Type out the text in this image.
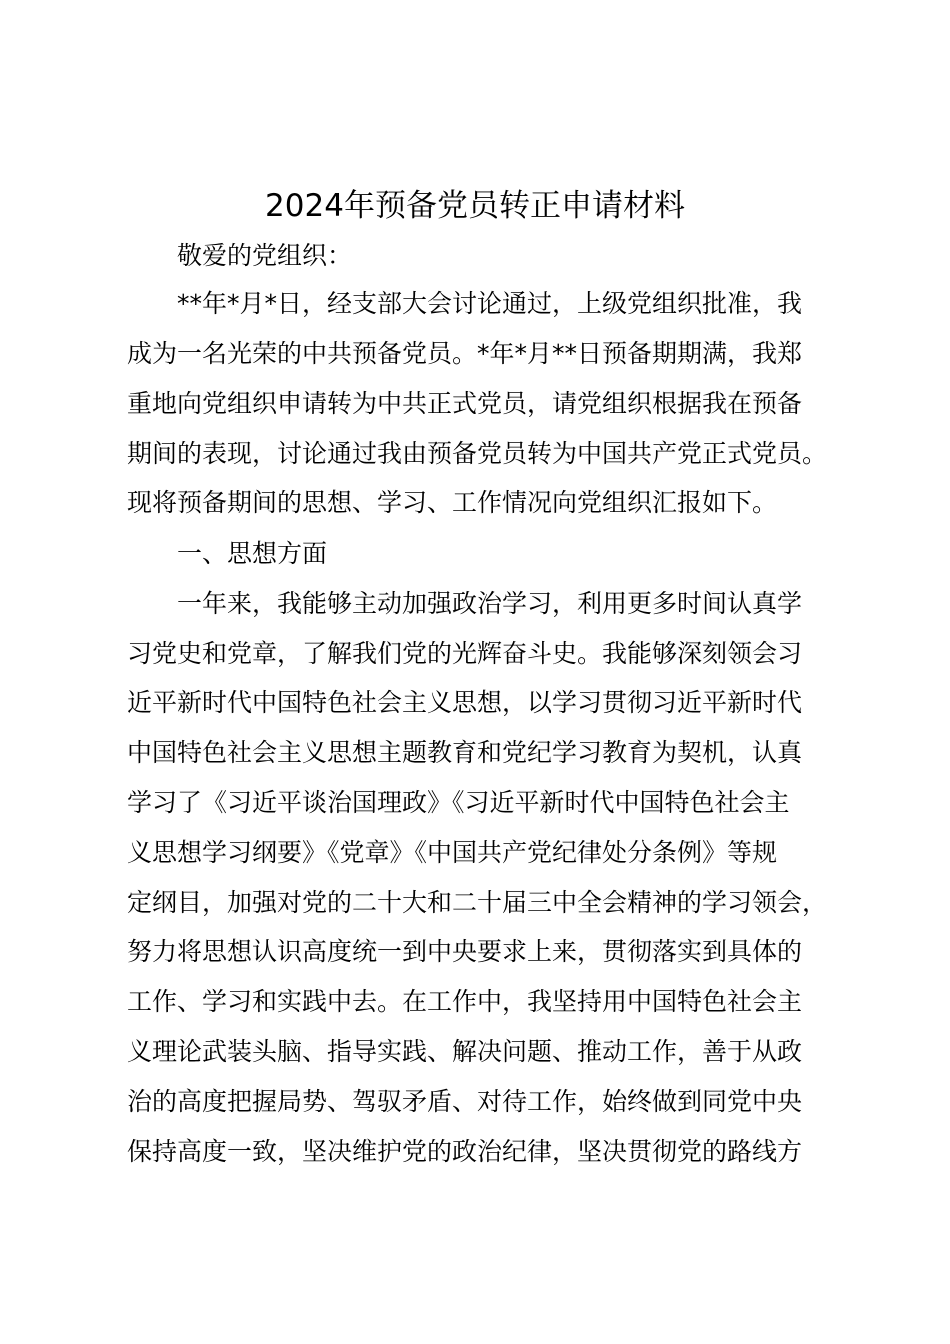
2024年预备党员转正申请材料
敬爱的党组织：
**年*月*日，经支部大会讨论通过，上级党组织批准，我
成为一名光荣的中共预备党员。*年*月**日预备期期满，我郑
重地向党组织申请转为中共正式党员，请党组织根据我在预备
期间的表现，讨论通过我由预备党员转为中国共产党正式党员。
现将预备期间的思想、学习、工作情况向党组织汇报如下。
一、思想方面
一年来，我能够主动加强政治学习，利用更多时间认真学
习党史和党章，了解我们党的光辉奋斗史。我能够深刻领会习
近平新时代中国特色社会主义思想，以学习贯彻习近平新时代
中国特色社会主义思想主题教育和党纪学习教育为契机，认真
学习了《习近平谈治国理政》《习近平新时代中国特色社会主
义思想学习纲要》《党章》《中国共产党纪律处分条例》等规
定纲目，加强对党的二十大和二十届三中全会精神的学习领会，
努力将思想认识高度统一到中央要求上来，贯彻落实到具体的
工作、学习和实践中去。在工作中，我坚持用中国特色社会主
义理论武装头脑、指导实践、解决问题、推动工作，善于从政
治的高度把握局势、驾驭矛盾、对待工作，始终做到同党中央
保持高度一致，坚决维护党的政治纪律，坚决贯彻党的路线方
